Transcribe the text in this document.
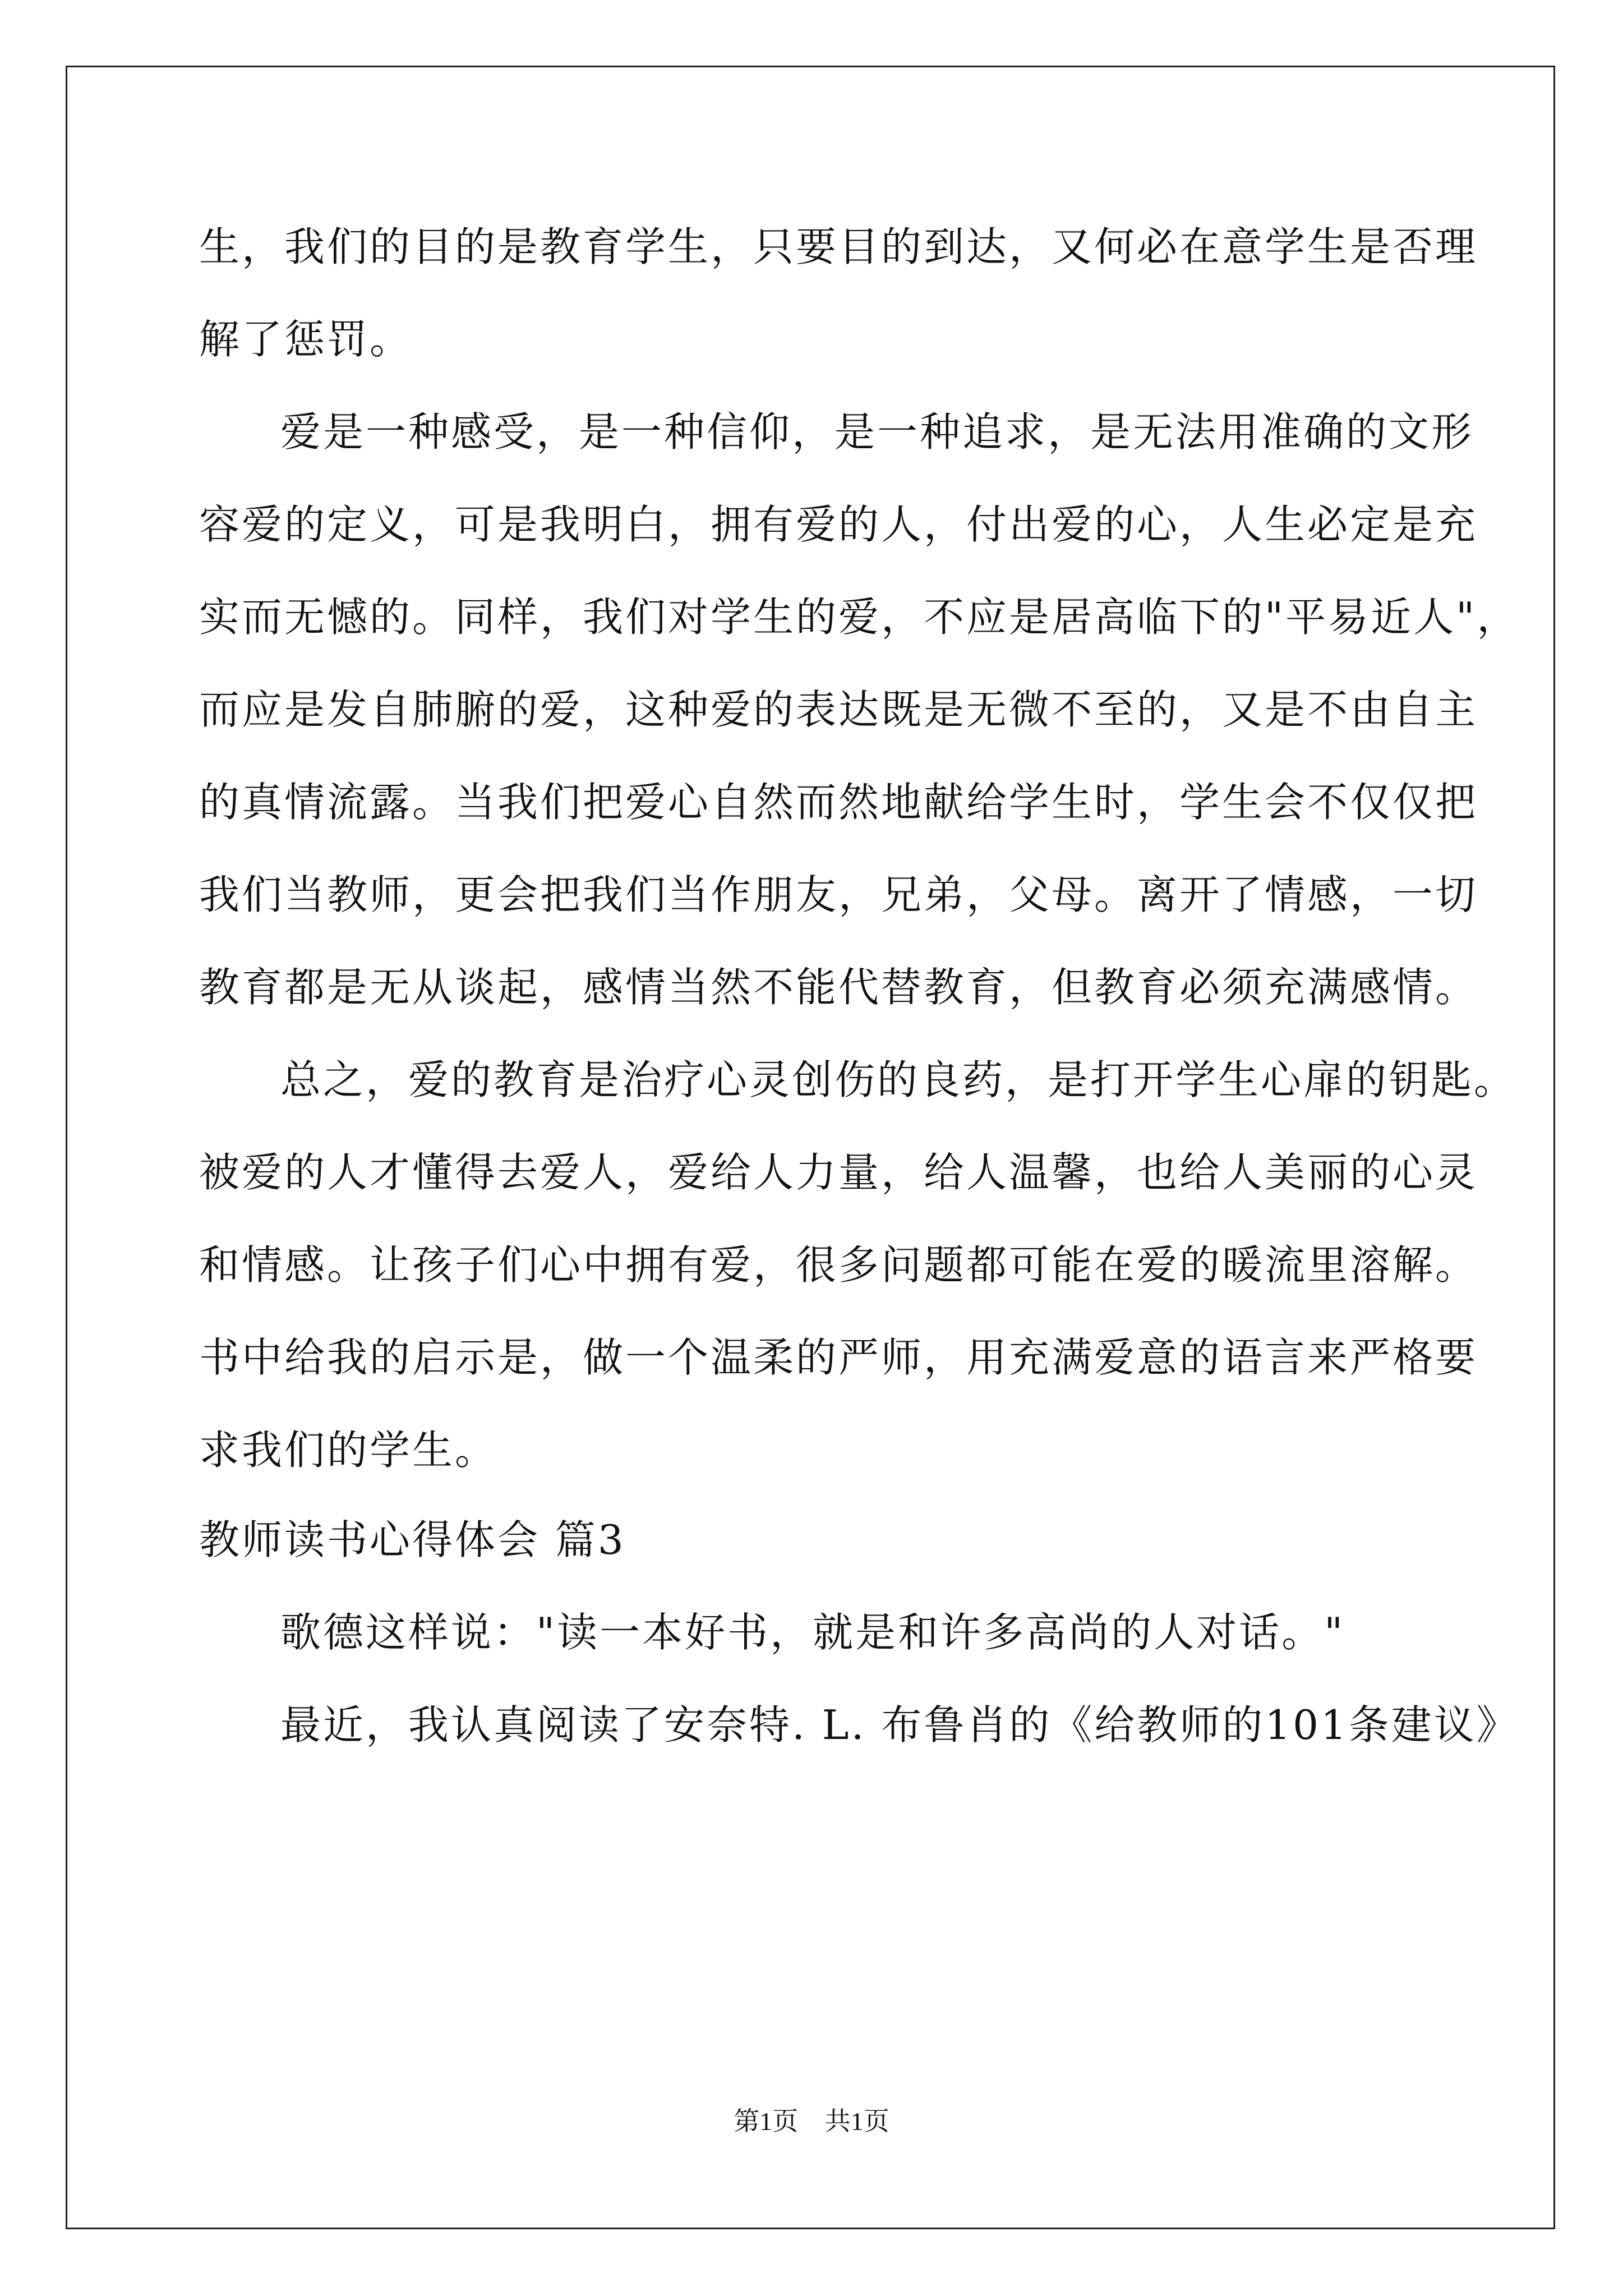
生，我们的目的是教育学生，只要目的到达，又何必在意学生是否理
解了惩罚。
爱是一种感受，是一种信仰，是一种追求，是无法用准确的文形
容爱的定义，可是我明白，拥有爱的人，付出爱的心，人生必定是充
实而无憾的。同样，我们对学生的爱，不应是居高临下的"平易近人"，
而应是发自肺腑的爱，这种爱的表达既是无微不至的，又是不由自主
的真情流露。当我们把爱心自然而然地献给学生时，学生会不仅仅把
我们当教师，更会把我们当作朋友，兄弟，父母。离开了情感，一切
教育都是无从谈起，感情当然不能代替教育，但教育必须充满感情。
总之，爱的教育是治疗心灵创伤的良药，是打开学生心扉的钥匙。
被爱的人才懂得去爱人，爱给人力量，给人温馨，也给人美丽的心灵
和情感。让孩子们心中拥有爱，很多问题都可能在爱的暖流里溶解。
书中给我的启示是，做一个温柔的严师，用充满爱意的语言来严格要
求我们的学生。
教师读书心得体会 篇3
歌德这样说："读一本好书，就是和许多高尚的人对话。"
最近，我认真阅读了安奈特. L. 布鲁肖的《给教师的101条建议》
第1页 共1页
